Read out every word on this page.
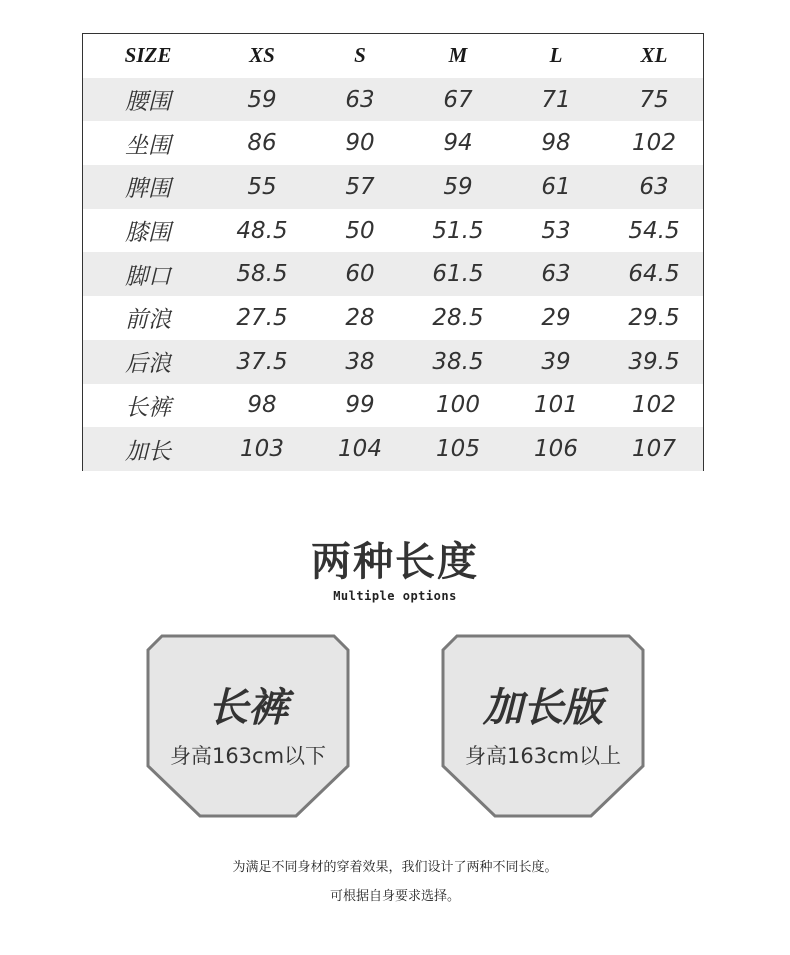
SIZE	XS	S	M	L	XL
腰围	59	63	67	71	75
坐围	86	90	94	98	102
脾围	55	57	59	61	63
膝围	48.5	50	51.5	53	54.5
脚口	58.5	60	61.5	63	64.5
前浪	27.5	28	28.5	29	29.5
后浪	37.5	38	38.5	39	39.5
长裤	98	99	100	101	102
加长	103	104	105	106	107
两种长度
Multiple options
长裤
身高163cm以下
加长版
身高163cm以上
为满足不同身材的穿着效果，我们设计了两种不同长度。
可根据自身要求选择。
